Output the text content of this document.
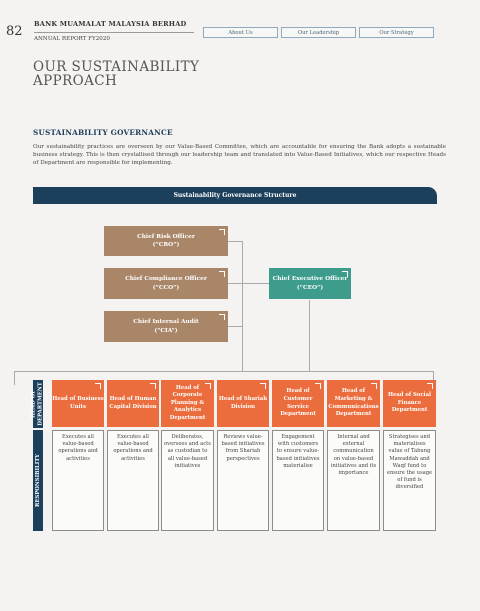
82 BANK MUAMALAT MALAYSIA BERHAD
ANNUAL REPORT FY2020
About Us	Our Leadership	Our Strategy
OUR SUSTAINABILITY APPROACH
SUSTAINABILITY GOVERNANCE
Our sustainability practices are overseen by our Value-Based Committee, which are accountable for ensuring the Bank adopts a sustainable business strategy. This is then crystallised through our leadership team and translated into Value-Based Initiatives, which our respective Heads of Department are responsible for implementing.
Sustainability Governance Structure
Chief Risk Officer
(“CRO”)
Chief Compliance Officer
(“CCO”)
Chief Internal Audit
(“CIA”)
Chief Executive Officer
(“CEO”)
HEAD OF DEPARTMENT
RESPONSIBILITY
Head of Business Units
Head of Human Capital Division
Head of Corporate Planning & Analytics Department
Head of Shariah Division
Head of Customer Service Department
Head of Marketing & Communications Department
Head of Social Finance Department
Executes all value-based operations and activities
Executes all value-based operations and activities
Deliberates, oversees and acts as custodian to all value-based initiatives
Reviews value-based initiatives from Shariah perspectives
Engagement with customers to ensure value-based initiatives materialise
Internal and external communication on value-based initiatives and its importance
Strategises and materialises value of Tabung Mawaddah and Waqf fund to ensure the usage of fund is diversified
